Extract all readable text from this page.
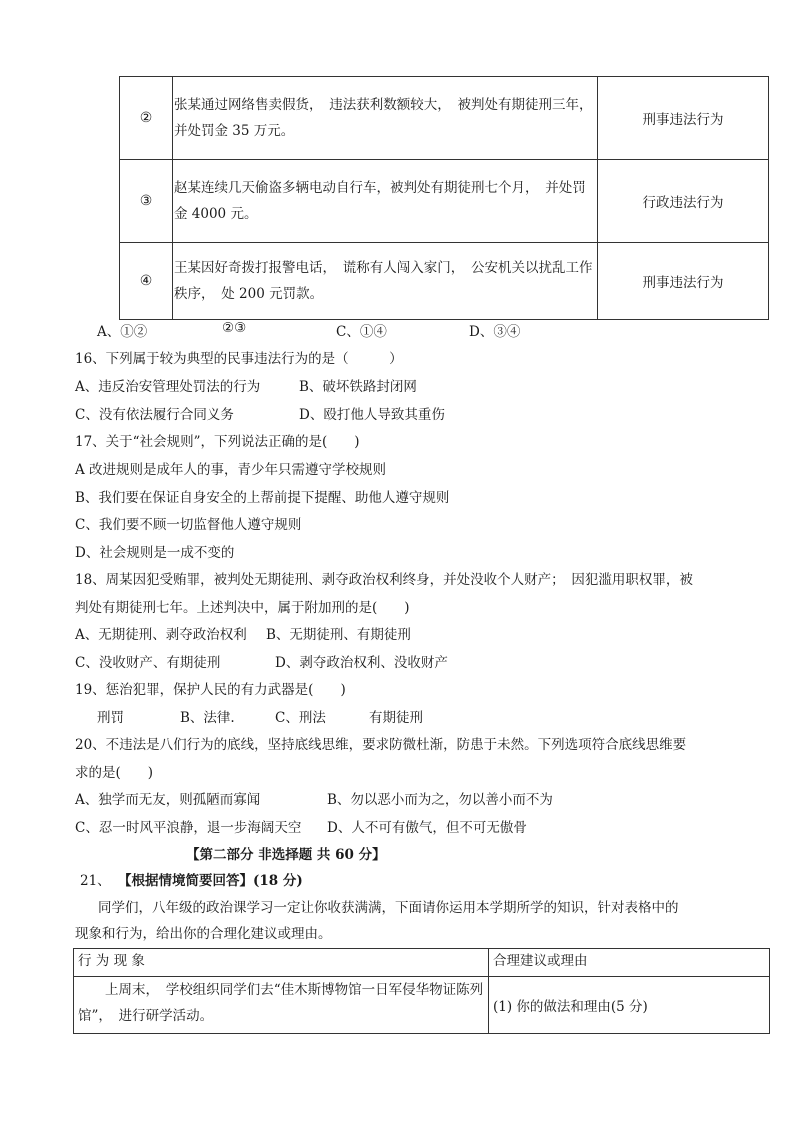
②	张某通过网络售卖假货，　违法获利数额较大，　被判处有期徒刑三年，　并处罚金 35 万元。	刑事违法行为
③	赵某连续几天偷盗多辆电动自行车，被判处有期徒刑七个月，　并处罚金 4000 元。	行政违法行为
④	王某因好奇拨打报警电话，　谎称有人闯入家门，　公安机关以扰乱工作秩序，　处 200 元罚款。	刑事违法行为
A、①②	②③	C、①④	D、③④
16、下列属于较为典型的民事违法行为的是（　　　）
A、违反治安管理处罚法的行为	B、破坏铁路封闭网
C、没有依法履行合同义务	D、殴打他人导致其重伤
17、关于“社会规则”，下列说法正确的是(　　)
A 改进规则是成年人的事，青少年只需遵守学校规则
B、我们要在保证自身安全的上帮前提下提醒、助他人遵守规则
C、我们要不顾一切监督他人遵守规则
D、社会规则是一成不变的
18、周某因犯受贿罪，被判处无期徒刑、剥夺政治权利终身，并处没收个人财产；　因犯滥用职权罪，被
判处有期徒刑七年。上述判决中，属于附加刑的是(　　)
A、无期徒刑、剥夺政治权利 B、无期徒刑、有期徒刑
C、没收财产、有期徒刑	D、剥夺政治权利、没收财产
19、惩治犯罪，保护人民的有力武器是(　　)
刑罚	B、法律.	C、刑法	有期徒刑
20、不违法是八们行为的底线，坚持底线思维，要求防微杜渐，防患于未然。下列选项符合底线思维要
求的是(　　)
A、独学而无友，则孤陋而寡闻	B、勿以恶小而为之，勿以善小而不为
C、忍一时风平浪静，退一步海阔天空 D、人不可有傲气，但不可无傲骨
【第二部分 非选择题 共 60 分】
21、 【根据情境简要回答】(18 分)
同学们，八年级的政治课学习一定让你收获满满，下面请你运用本学期所学的知识，针对表格中的
现象和行为，给出你的合理化建议或理由。
行 为 现 象	合理建议或理由
上周末，　学校组织同学们去“佳木斯博物馆一日军侵华物证陈列馆”，　进行研学活动。	(1) 你的做法和理由(5 分)
